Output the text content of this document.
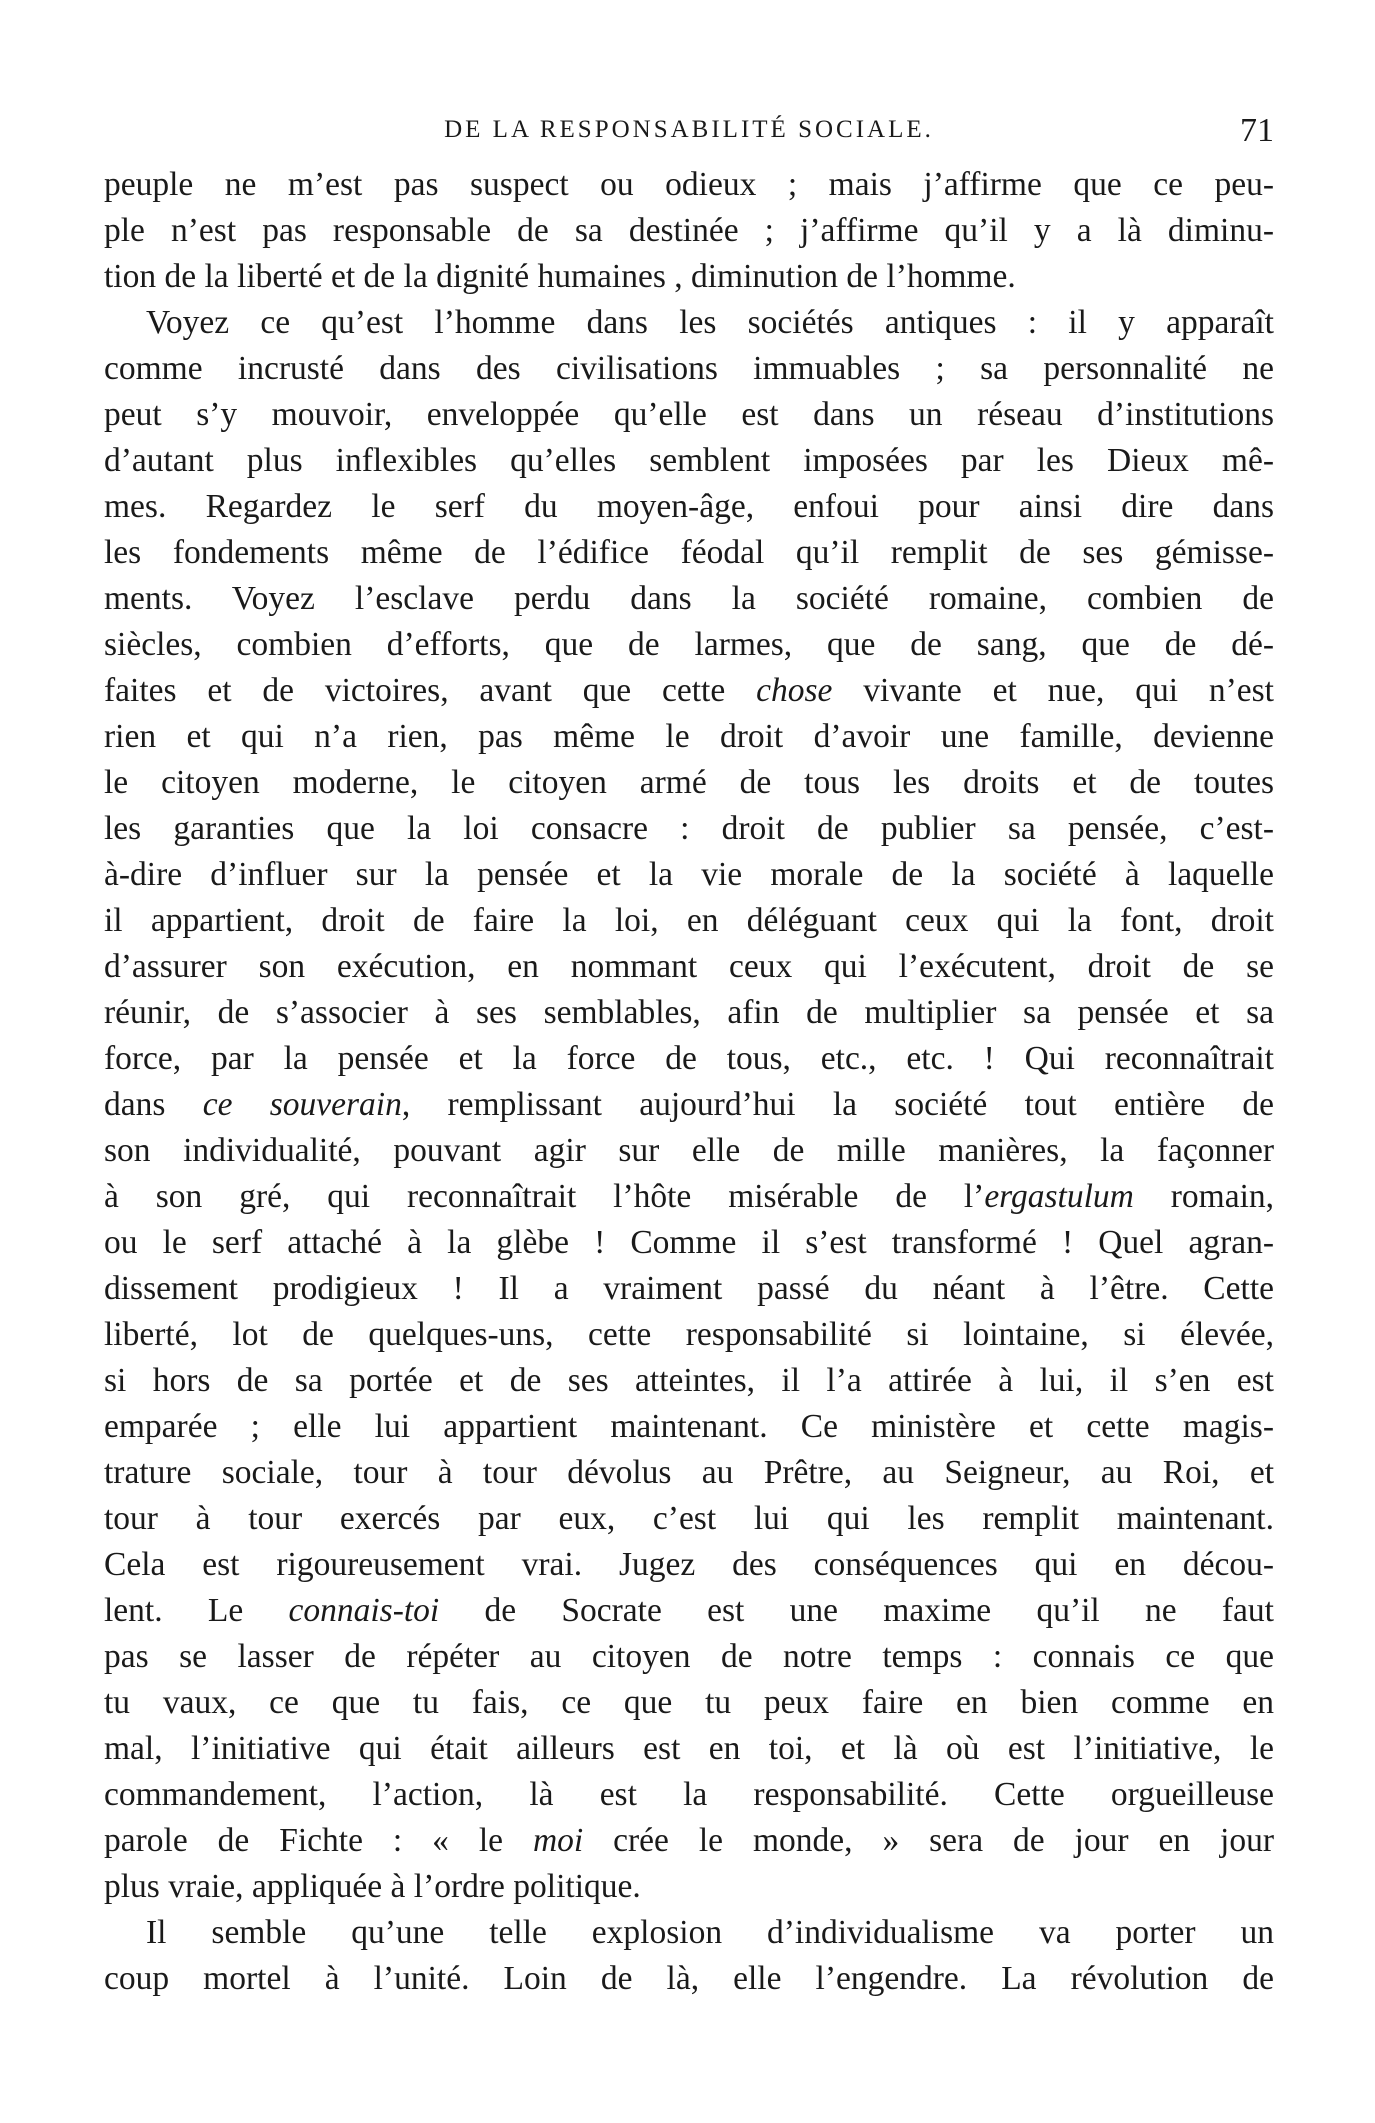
DE LA RESPONSABILITÉ SOCIALE.	71
peuple ne m’est pas suspect ou odieux ; mais j’affirme que ce peu-
ple n’est pas responsable de sa destinée ; j’affirme qu’il y a là diminu-
tion de la liberté et de la dignité humaines , diminution de l’homme.
Voyez ce qu’est l’homme dans les sociétés antiques : il y apparaît
comme incrusté dans des civilisations immuables ; sa personnalité ne
peut s’y mouvoir, enveloppée qu’elle est dans un réseau d’institutions
d’autant plus inflexibles qu’elles semblent imposées par les Dieux mê-
mes. Regardez le serf du moyen-âge, enfoui pour ainsi dire dans
les fondements même de l’édifice féodal qu’il remplit de ses gémisse-
ments. Voyez l’esclave perdu dans la société romaine, combien de
siècles, combien d’efforts, que de larmes, que de sang, que de dé-
faites et de victoires, avant que cette chose vivante et nue, qui n’est
rien et qui n’a rien, pas même le droit d’avoir une famille, devienne
le citoyen moderne, le citoyen armé de tous les droits et de toutes
les garanties que la loi consacre : droit de publier sa pensée, c’est-
à-dire d’influer sur la pensée et la vie morale de la société à laquelle
il appartient, droit de faire la loi, en déléguant ceux qui la font, droit
d’assurer son exécution, en nommant ceux qui l’exécutent, droit de se
réunir, de s’associer à ses semblables, afin de multiplier sa pensée et sa
force, par la pensée et la force de tous, etc., etc. ! Qui reconnaîtrait
dans ce souverain, remplissant aujourd’hui la société tout entière de
son individualité, pouvant agir sur elle de mille manières, la façonner
à son gré, qui reconnaîtrait l’hôte misérable de l’ergastulum romain,
ou le serf attaché à la glèbe ! Comme il s’est transformé ! Quel agran-
dissement prodigieux ! Il a vraiment passé du néant à l’être. Cette
liberté, lot de quelques-uns, cette responsabilité si lointaine, si élevée,
si hors de sa portée et de ses atteintes, il l’a attirée à lui, il s’en est
emparée ; elle lui appartient maintenant. Ce ministère et cette magis-
trature sociale, tour à tour dévolus au Prêtre, au Seigneur, au Roi, et
tour à tour exercés par eux, c’est lui qui les remplit maintenant.
Cela est rigoureusement vrai. Jugez des conséquences qui en décou-
lent. Le connais-toi de Socrate est une maxime qu’il ne faut
pas se lasser de répéter au citoyen de notre temps : connais ce que
tu vaux, ce que tu fais, ce que tu peux faire en bien comme en
mal, l’initiative qui était ailleurs est en toi, et là où est l’initiative, le
commandement, l’action, là est la responsabilité. Cette orgueilleuse
parole de Fichte : « le moi crée le monde, » sera de jour en jour
plus vraie, appliquée à l’ordre politique.
Il semble qu’une telle explosion d’individualisme va porter un
coup mortel à l’unité. Loin de là, elle l’engendre. La révolution de
